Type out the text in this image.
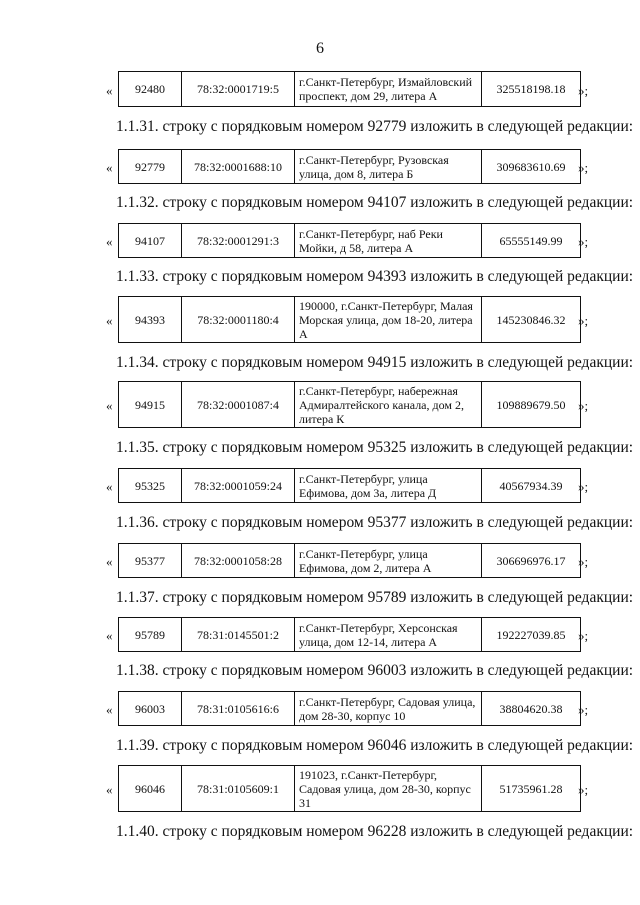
6
« 92480	78:32:0001719:5	г.Санкт-Петербург, Измайловский проспект, дом 29, литера А	325518198.18 »;
1.1.31. строку с порядковым номером 92779 изложить в следующей редакции:
« 92779	78:32:0001688:10	г.Санкт-Петербург, Рузовская улица, дом 8, литера Б	309683610.69 »;
1.1.32. строку с порядковым номером 94107 изложить в следующей редакции:
« 94107	78:32:0001291:3	г.Санкт-Петербург, наб Реки Мойки, д 58, литера А	65555149.99 »;
1.1.33. строку с порядковым номером 94393 изложить в следующей редакции:
« 94393	78:32:0001180:4	190000, г.Санкт-Петербург, Малая Морская улица, дом 18-20, литера А	145230846.32 »;
1.1.34. строку с порядковым номером 94915 изложить в следующей редакции:
« 94915	78:32:0001087:4	г.Санкт-Петербург, набережная Адмиралтейского канала, дом 2, литера К	109889679.50 »;
1.1.35. строку с порядковым номером 95325 изложить в следующей редакции:
« 95325	78:32:0001059:24	г.Санкт-Петербург, улица Ефимова, дом 3а, литера Д	40567934.39 »;
1.1.36. строку с порядковым номером 95377 изложить в следующей редакции:
« 95377	78:32:0001058:28	г.Санкт-Петербург, улица Ефимова, дом 2, литера А	306696976.17 »;
1.1.37. строку с порядковым номером 95789 изложить в следующей редакции:
« 95789	78:31:0145501:2	г.Санкт-Петербург, Херсонская улица, дом 12-14, литера А	192227039.85 »;
1.1.38. строку с порядковым номером 96003 изложить в следующей редакции:
« 96003	78:31:0105616:6	г.Санкт-Петербург, Садовая улица, дом 28-30, корпус 10	38804620.38 »;
1.1.39. строку с порядковым номером 96046 изложить в следующей редакции:
« 96046	78:31:0105609:1	191023, г.Санкт-Петербург, Садовая улица, дом 28-30, корпус 31	51735961.28 »;
1.1.40. строку с порядковым номером 96228 изложить в следующей редакции:
